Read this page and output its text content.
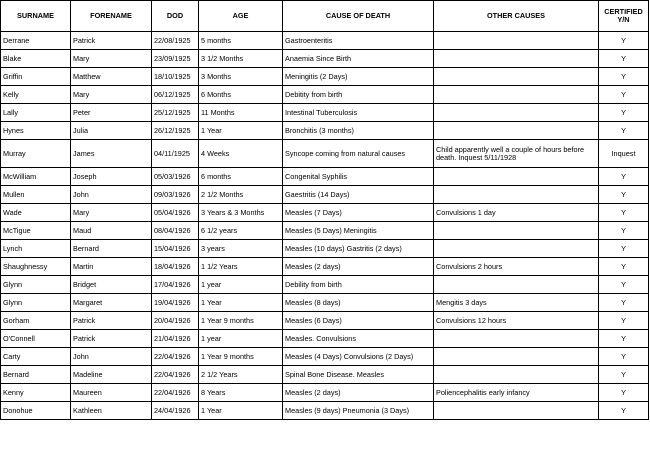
SURNAME	FORENAME	DOD	AGE	CAUSE OF DEATH	OTHER CAUSES	CERTIFIED Y/N
Derrane	Patrick	22/08/1925	5 months	Gastroenteritis		Y
Blake	Mary	23/09/1925	3 1/2 Months	Anaemia Since Birth		Y
Griffin	Matthew	18/10/1925	3 Months	Meningitis (2 Days)		Y
Kelly	Mary	06/12/1925	6 Months	Debitity from birth		Y
Lally	Peter	25/12/1925	11 Months	Intestinal Tuberculosis		Y
Hynes	Julia	26/12/1925	1 Year	Bronchitis (3 months)		Y
Murray	James	04/11/1925	4 Weeks	Syncope coming from natural causes	Child apparently well a couple of hours before death. Inquest 5/11/1928	Inquest
McWilliam	Joseph	05/03/1926	6 months	Congenital Syphilis		Y
Mullen	John	09/03/1926	2 1/2 Months	Gaestritis (14 Days)		Y
Wade	Mary	05/04/1926	3 Years & 3 Months	Measles (7 Days)	Convulsions 1 day	Y
McTigue	Maud	08/04/1926	6 1/2 years	Measles (5 Days) Meningitis		Y
Lynch	Bernard	15/04/1926	3 years	Measles (10 days) Gastritis (2 days)		Y
Shaughnessy	Martin	18/04/1926	1 1/2 Years	Measles (2 days)	Convulsions 2 hours	Y
Glynn	Bridget	17/04/1926	1 year	Debility from birth		Y
Glynn	Margaret	19/04/1926	1 Year	Measles (8 days)	Mengitis 3 days	Y
Gorham	Patrick	20/04/1926	1 Year 9 months	Measles (6 Days)	Convulsions 12 hours	Y
O'Connell	Patrick	21/04/1926	1 year	Measles. Convulsions		Y
Carty	John	22/04/1926	1 Year 9 months	Measles (4 Days) Convulsions (2 Days)		Y
Bernard	Madeline	22/04/1926	2 1/2 Years	Spinal Bone Disease. Measles		Y
Kenny	Maureen	22/04/1926	8 Years	Measles (2 days)	Poliencephalitis early infancy	Y
Donohue	Kathleen	24/04/1926	1 Year	Measles (9 days) Pneumonia (3 Days)		Y
